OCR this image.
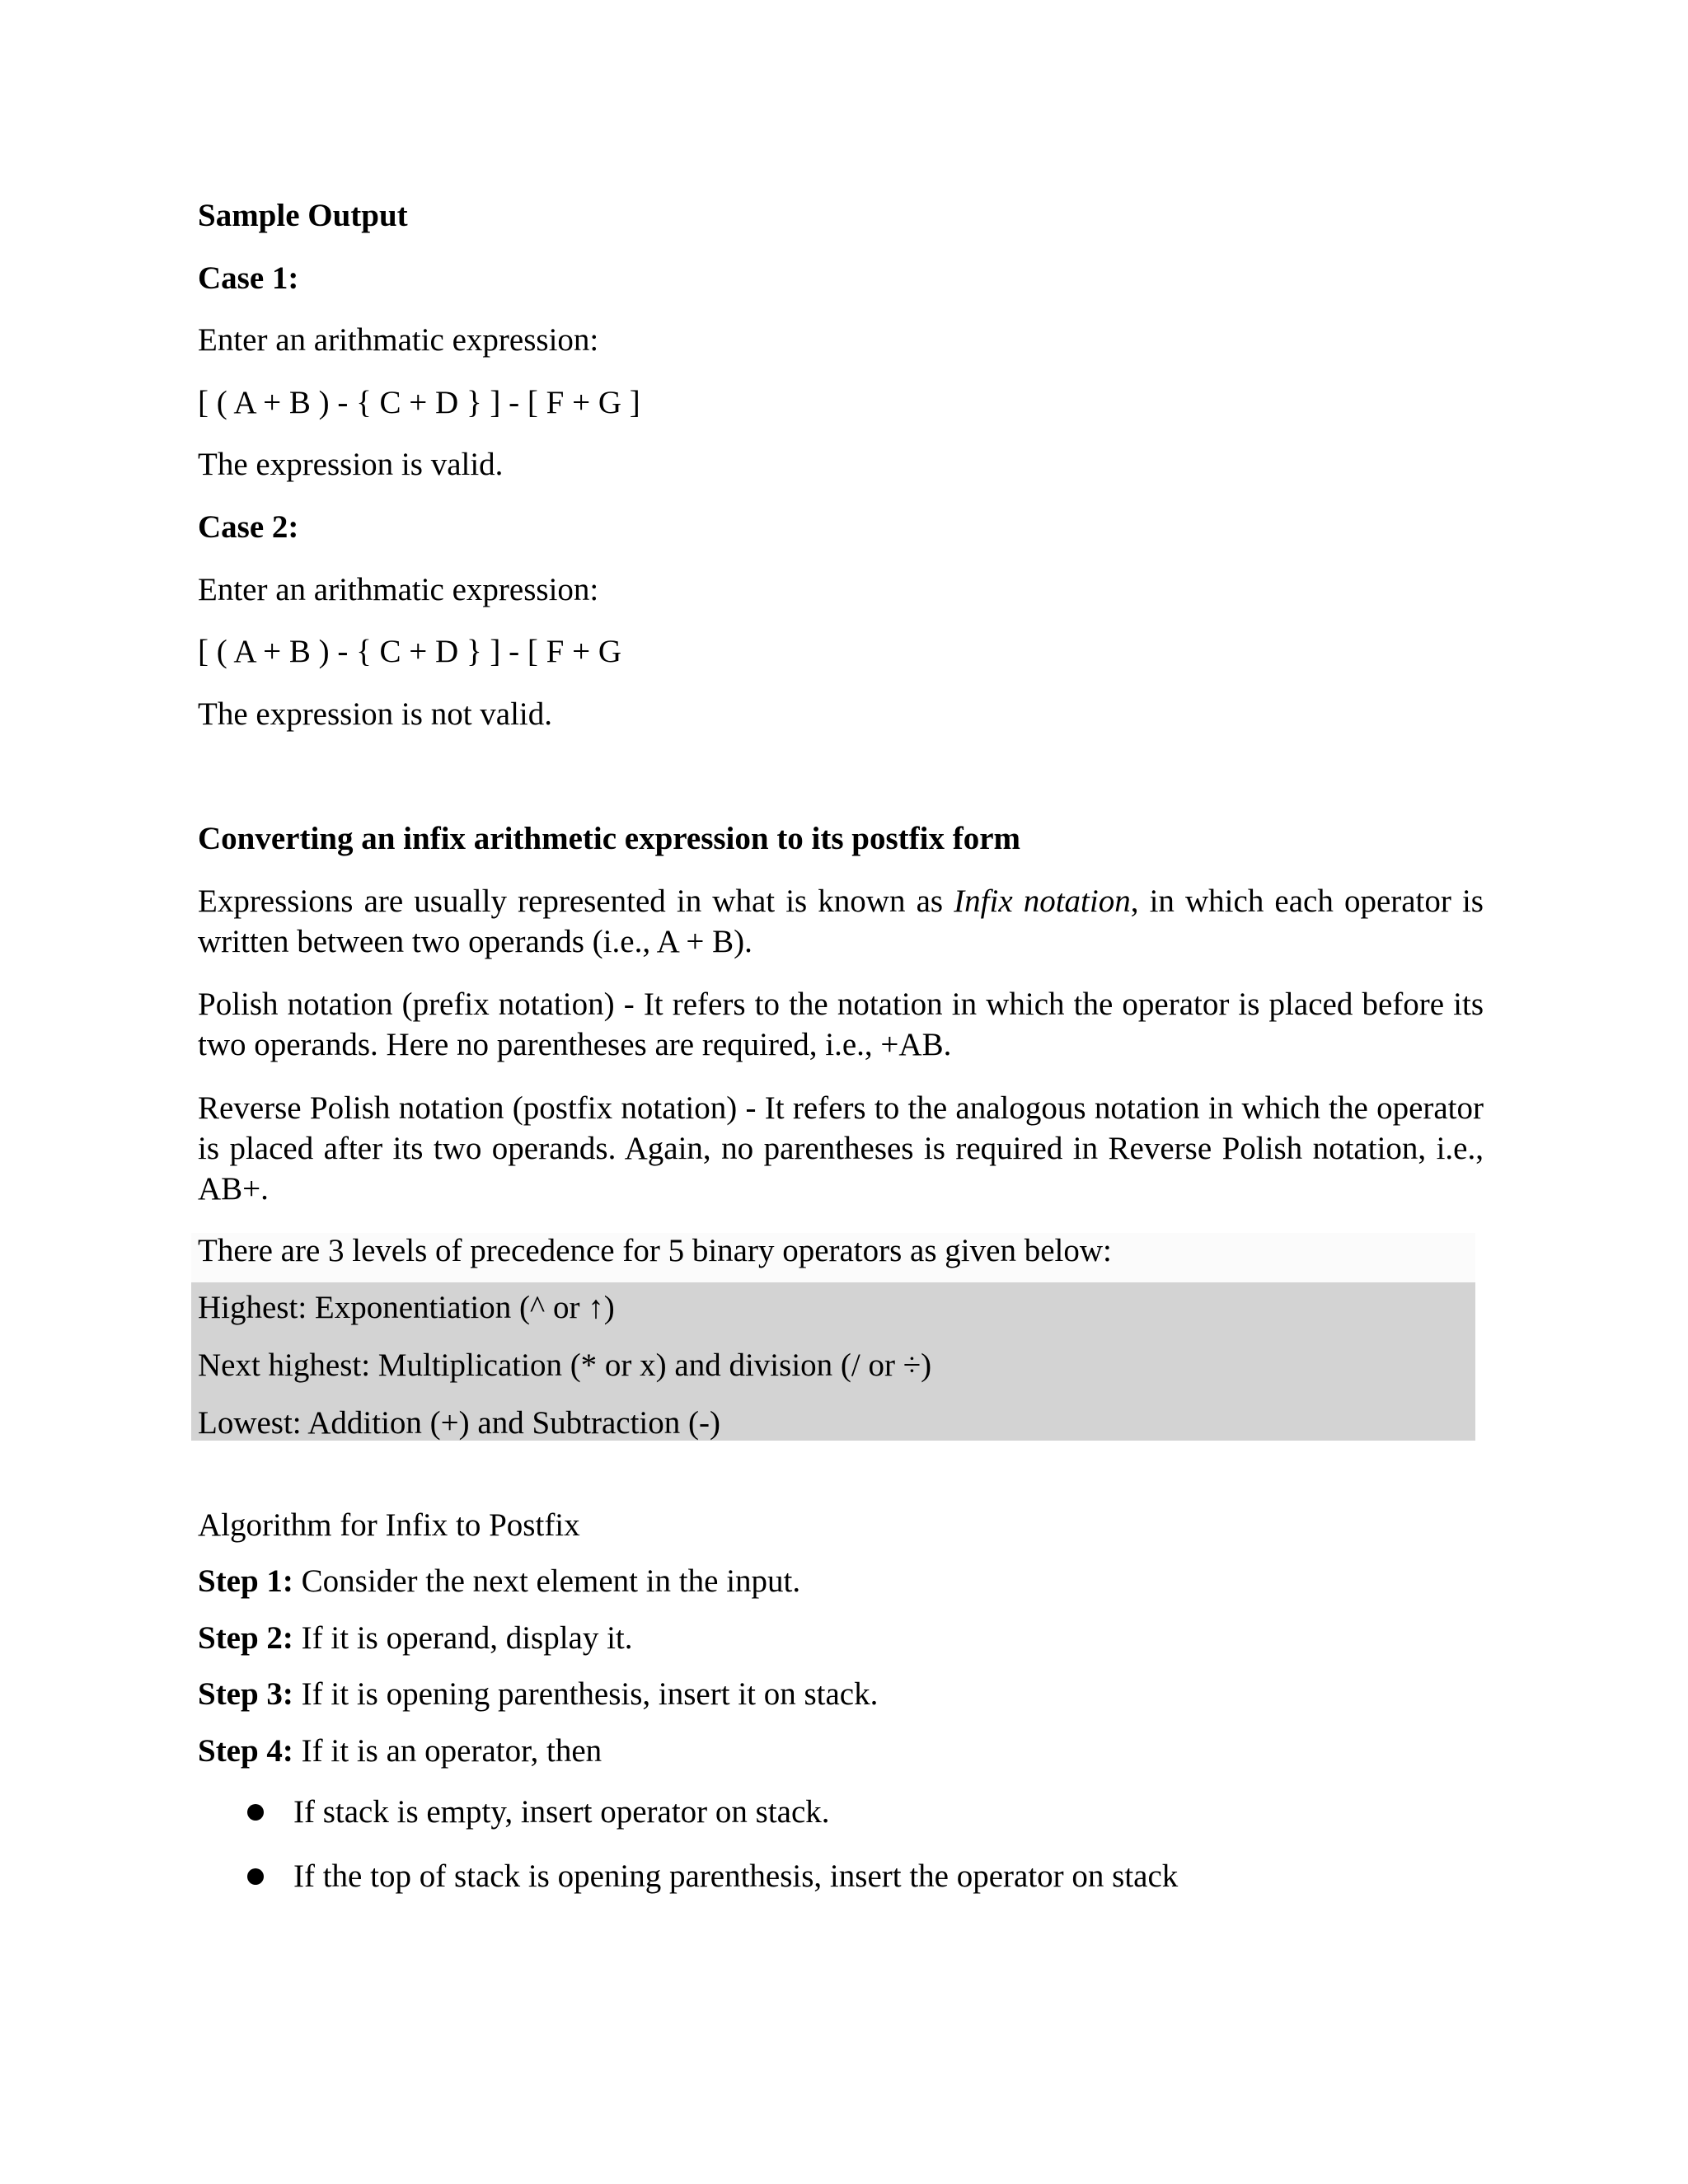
Sample Output
Case 1:
Enter an arithmatic expression:
[ ( A + B ) - { C + D } ] - [ F + G ]
The expression is valid.
Case 2:
Enter an arithmatic expression:
[ ( A + B ) - { C + D } ] - [ F + G
The expression is not valid.
Converting an infix arithmetic expression to its postfix form
Expressions are usually represented in what is known as Infix notation, in which each operator is written between two operands (i.e., A + B).
Polish notation (prefix notation) - It refers to the notation in which the operator is placed before its two operands. Here no parentheses are required, i.e., +AB.
Reverse Polish notation (postfix notation) - It refers to the analogous notation in which the operator is placed after its two operands. Again, no parentheses is required in Reverse Polish notation, i.e., AB+.
There are 3 levels of precedence for 5 binary operators as given below:
Highest: Exponentiation (^ or ↑)
Next highest: Multiplication (* or x) and division (/ or ÷)
Lowest: Addition (+) and Subtraction (-)
Algorithm for Infix to Postfix
Step 1: Consider the next element in the input.
Step 2: If it is operand, display it.
Step 3: If it is opening parenthesis, insert it on stack.
Step 4: If it is an operator, then
If stack is empty, insert operator on stack.
If the top of stack is opening parenthesis, insert the operator on stack
